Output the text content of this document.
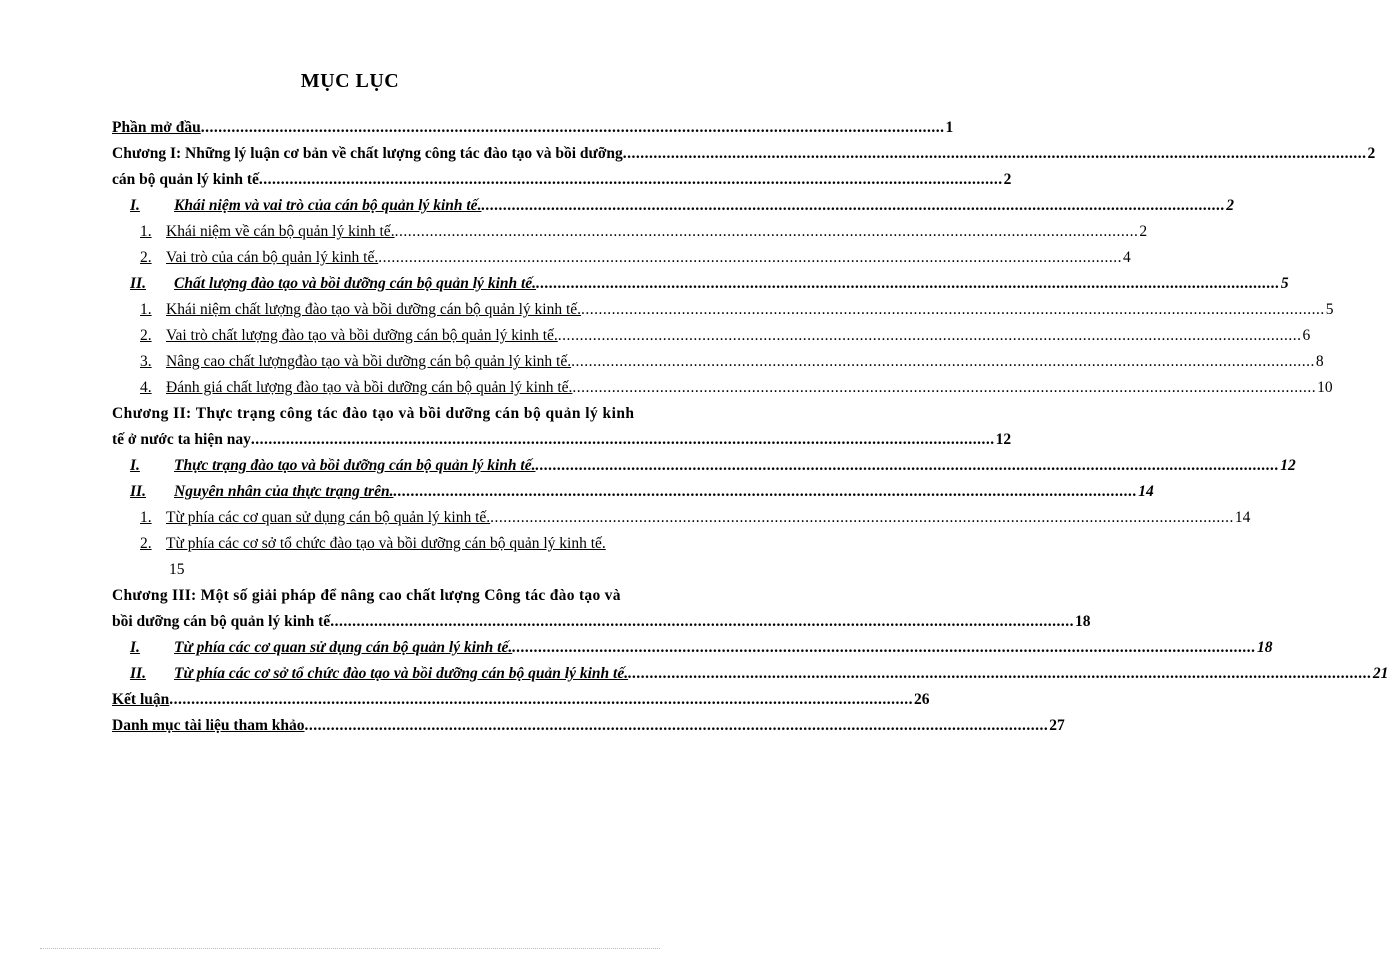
MỤC LỤC
Phần mở đầu .....	1
Chương I: Những lý luận cơ bản về chất lượng công tác đào tạo và bồi dưỡng .....	2
cán bộ quản lý kinh tế .....	2
I.	Khái niệm và vai trò của cán bộ quản lý kinh tế. .....	2
1. Khái niệm về cán bộ quản lý kinh tế. .....	2
2. Vai trò của cán bộ quản lý kinh tế. .....	4
II.	Chất lượng đào tạo và bồi dưỡng cán bộ quản lý kinh tế. .....	5
1. Khái niệm chất lượng đào tạo và bồi dưỡng cán bộ quản lý kinh tế. .....	5
2. Vai trò chất lượng đào tạo và bồi dưỡng cán bộ quản lý kinh tế. .....	6
3. Nâng cao chất lượngđào tạo và bồi dưỡng cán bộ quản lý kinh tế. .....	8
4. Đánh giá chất lượng đào tạo và bồi dưỡng cán bộ quản lý kinh tế. .....	10
Chương II: Thực trạng công tác đào tạo và bồi dưỡng cán bộ quản lý kinh
tế ở nước ta hiện nay .....	12
I.	Thực trạng đào tạo và bồi dưỡng cán bộ quản lý kinh tế. .....	12
II.	Nguyên nhân của thực trạng trên. .....	14
1. Từ phía các cơ quan sử dụng cán bộ quản lý kinh tế. .....	14
2. Từ phía các cơ sở tổ chức đào tạo và bồi dưỡng cán bộ quản lý kinh tế.
15
Chương III: Một số giải pháp để nâng cao chất lượng Công tác đào tạo và
bồi dưỡng cán bộ quản lý kinh tế .....	18
I.	Từ phía các cơ quan sử dụng cán bộ quản lý kinh tế. .....	18
II.	Từ phía các cơ sở tổ chức đào tạo và bồi dưỡng cán bộ quản lý kinh tế. .....	21
Kết luận .....	26
Danh mục tài liệu tham khảo .....	27
